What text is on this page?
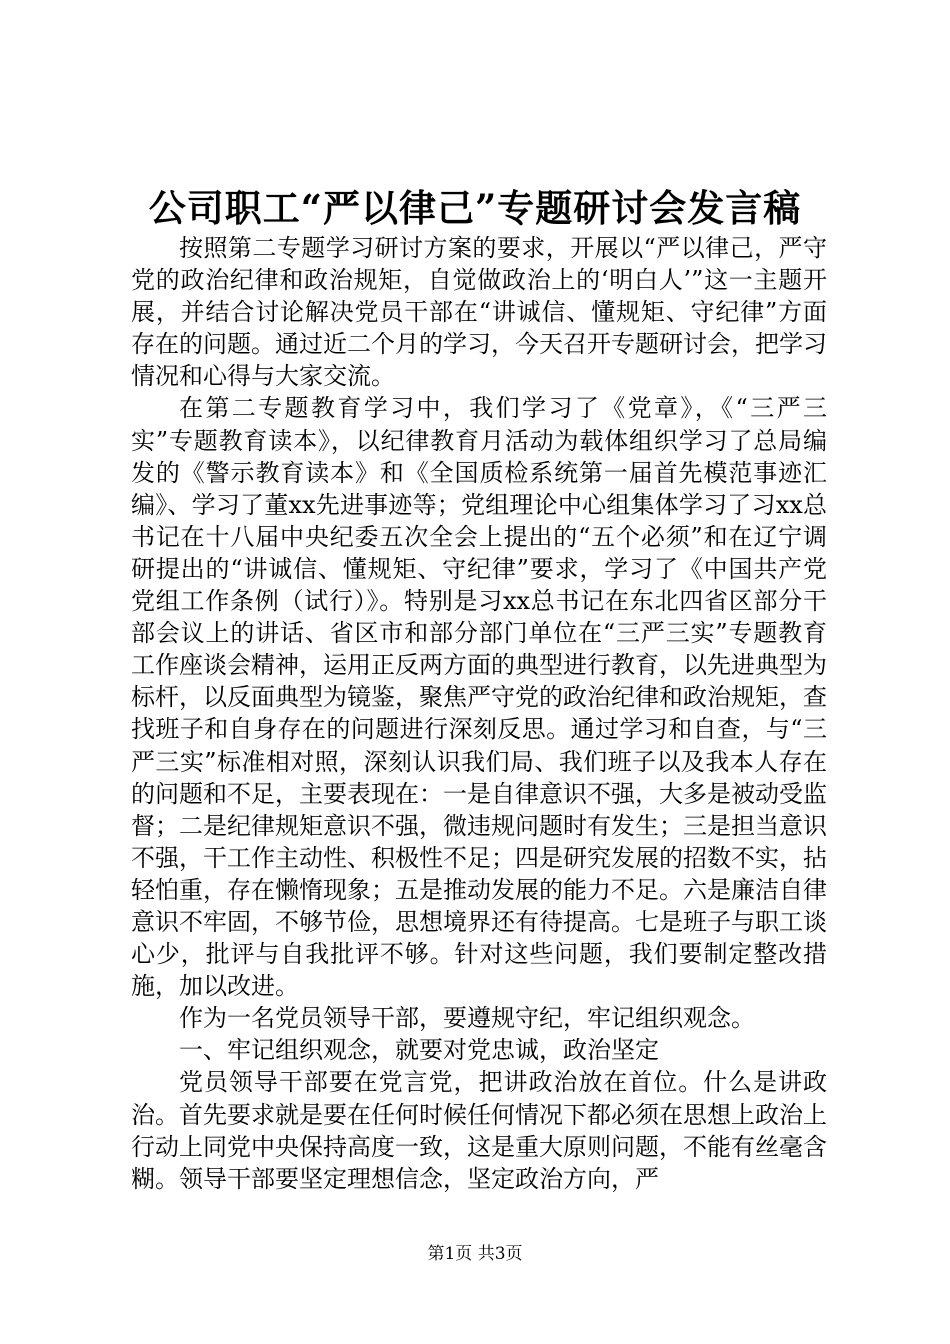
公司职工“严以律己”专题研讨会发言稿

按照第二专题学习研讨方案的要求，开展以“严以律己，严守党的政治纪律和政治规矩，自觉做政治上的‘明白人’”这一主题开展，并结合讨论解决党员干部在“讲诚信、懂规矩、守纪律”方面存在的问题。通过近二个月的学习，今天召开专题研讨会，把学习情况和心得与大家交流。

在第二专题教育学习中，我们学习了《党章》，《“三严三实”专题教育读本》，以纪律教育月活动为载体组织学习了总局编发的《警示教育读本》和《全国质检系统第一届首先模范事迹汇编》、学习了董xx先进事迹等；党组理论中心组集体学习了习xx总书记在十八届中央纪委五次全会上提出的“五个必须”和在辽宁调研提出的“讲诚信、懂规矩、守纪律”要求，学习了《中国共产党党组工作条例（试行）》。特别是习xx总书记在东北四省区部分干部会议上的讲话、省区市和部分部门单位在“三严三实”专题教育工作座谈会精神，运用正反两方面的典型进行教育，以先进典型为标杆，以反面典型为镜鉴，聚焦严守党的政治纪律和政治规矩，查找班子和自身存在的问题进行深刻反思。通过学习和自查，与“三严三实”标准相对照，深刻认识我们局、我们班子以及我本人存在的问题和不足，主要表现在：一是自律意识不强，大多是被动受监督；二是纪律规矩意识不强，微违规问题时有发生；三是担当意识不强，干工作主动性、积极性不足；四是研究发展的招数不实，拈轻怕重，存在懒惰现象；五是推动发展的能力不足。六是廉洁自律意识不牢固，不够节俭，思想境界还有待提高。七是班子与职工谈心少，批评与自我批评不够。针对这些问题，我们要制定整改措施，加以改进。

作为一名党员领导干部，要遵规守纪，牢记组织观念。

一、牢记组织观念，就要对党忠诚，政治坚定

党员领导干部要在党言党，把讲政治放在首位。什么是讲政治。首先要求就是要在任何时候任何情况下都必须在思想上政治上行动上同党中央保持高度一致，这是重大原则问题，不能有丝毫含糊。领导干部要坚定理想信念，坚定政治方向，严

第1页 共3页
